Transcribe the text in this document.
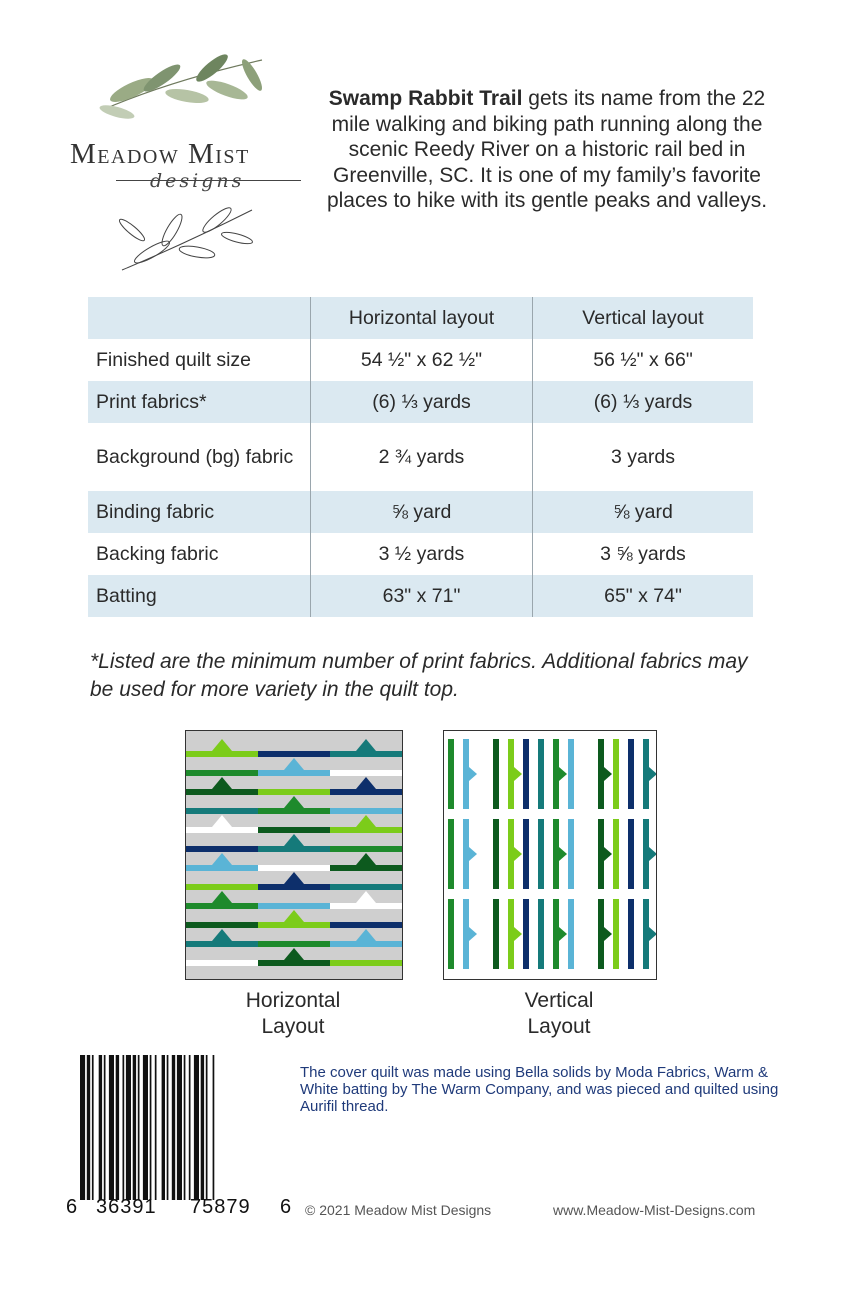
Meadow Mist
designs
Swamp Rabbit Trail gets its name from the 22 mile walking and biking path running along the scenic Reedy River on a historic rail bed in Greenville, SC. It is one of my family’s favorite places to hike with its gentle peaks and valleys.
	Horizontal layout	Vertical layout
Finished quilt size	54 ½" x 62 ½"	56 ½" x 66"
Print fabrics*	(6) ⅓ yards	(6) ⅓ yards
Background (bg) fabric	2 ¾ yards	3 yards
Binding fabric	⅝ yard	⅝ yard
Backing fabric	3 ½ yards	3 ⅝ yards
Batting	63" x 71"	65" x 74"
*Listed are the minimum number of print fabrics. Additional fabrics may be used for more variety in the quilt top.
Horizontal
Layout
Vertical
Layout
6 36391 75879 6
The cover quilt was made using Bella solids by Moda Fabrics, Warm & White batting by The Warm Company, and was pieced and quilted using Aurifil thread.
© 2021 Meadow Mist Designs	www.Meadow-Mist-Designs.com
